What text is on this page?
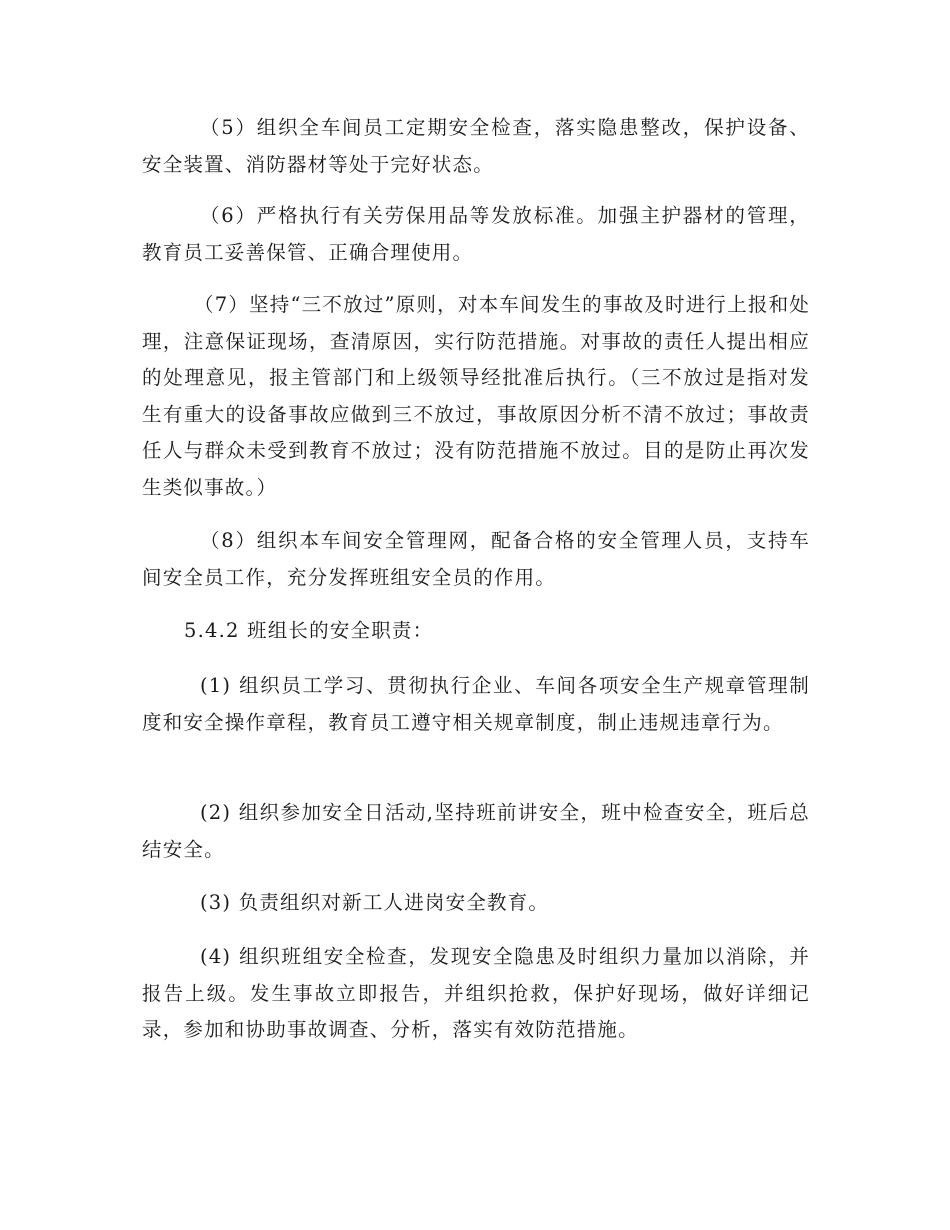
（5）组织全车间员工定期安全检查，落实隐患整改，保护设备、安全装置、消防器材等处于完好状态。

（6）严格执行有关劳保用品等发放标准。加强主护器材的管理，教育员工妥善保管、正确合理使用。

（7）坚持“三不放过”原则，对本车间发生的事故及时进行上报和处理，注意保证现场，查清原因，实行防范措施。对事故的责任人提出相应的处理意见，报主管部门和上级领导经批准后执行。（三不放过是指对发生有重大的设备事故应做到三不放过，事故原因分析不清不放过；事故责任人与群众未受到教育不放过；没有防范措施不放过。目的是防止再次发生类似事故。）

（8）组织本车间安全管理网，配备合格的安全管理人员，支持车间安全员工作，充分发挥班组安全员的作用。

5.4.2 班组长的安全职责：

(1) 组织员工学习、贯彻执行企业、车间各项安全生产规章管理制度和安全操作章程，教育员工遵守相关规章制度，制止违规违章行为。

(2) 组织参加安全日活动,坚持班前讲安全，班中检查安全，班后总结安全。

(3) 负责组织对新工人进岗安全教育。

(4) 组织班组安全检查，发现安全隐患及时组织力量加以消除，并报告上级。发生事故立即报告，并组织抢救，保护好现场，做好详细记录，参加和协助事故调查、分析，落实有效防范措施。
